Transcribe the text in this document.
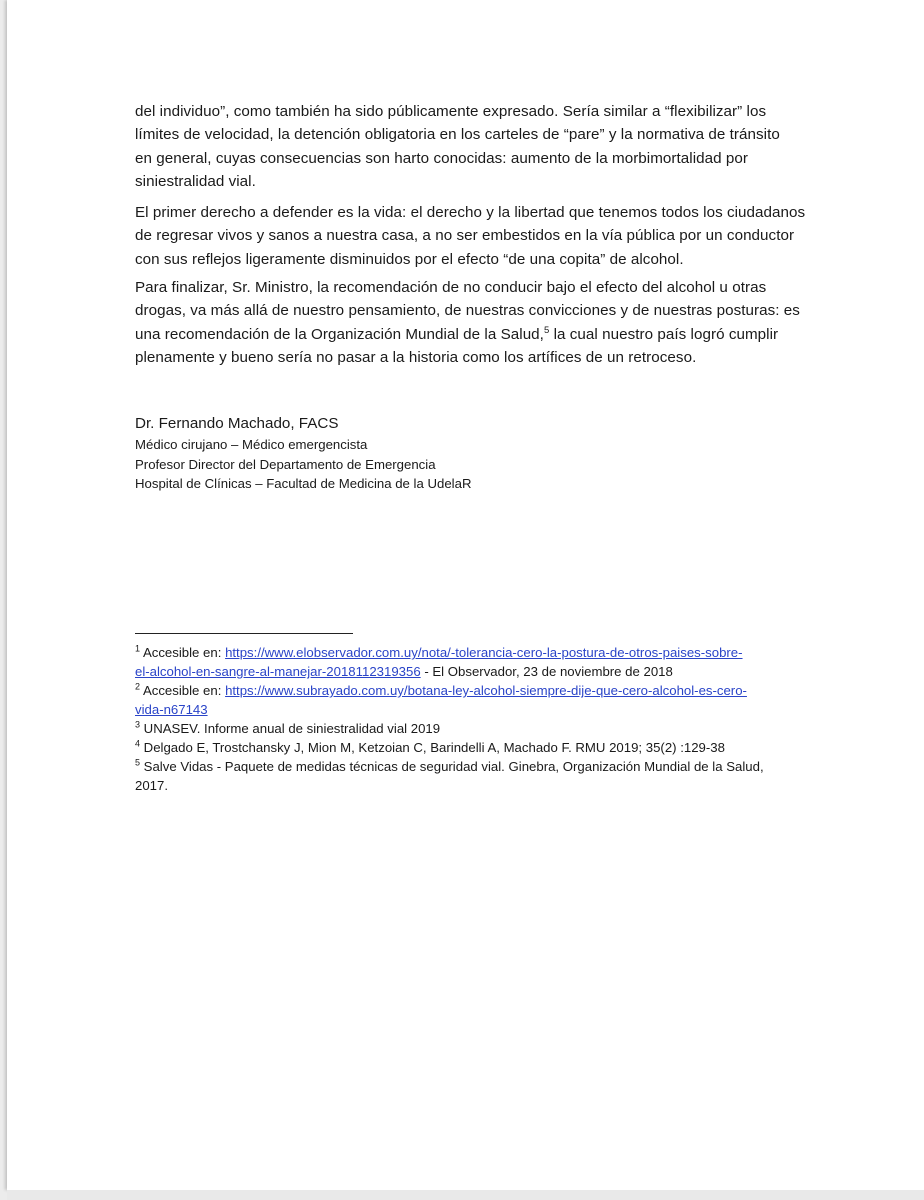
del individuo”, como también ha sido públicamente expresado. Sería similar a “flexibilizar” los
límites de velocidad, la detención obligatoria en los carteles de “pare” y la normativa de tránsito
en general, cuyas consecuencias son harto conocidas: aumento de la morbimortalidad por
siniestralidad vial.
El primer derecho a defender es la vida: el derecho y la libertad que tenemos todos los ciudadanos
de regresar vivos y sanos a nuestra casa, a no ser embestidos en la vía pública por un conductor
con sus reflejos ligeramente disminuidos por el efecto “de una copita” de alcohol.
Para finalizar, Sr. Ministro, la recomendación de no conducir bajo el efecto del alcohol u otras
drogas, va más allá de nuestro pensamiento, de nuestras convicciones y de nuestras posturas: es
una recomendación de la Organización Mundial de la Salud,$^5$ la cual nuestro país logró cumplir
plenamente y bueno sería no pasar a la historia como los artífices de un retroceso.
Dr. Fernando Machado, FACS
Médico cirujano – Médico emergencista
Profesor Director del Departamento de Emergencia
Hospital de Clínicas – Facultad de Medicina de la UdelaR
$^1$ Accesible en: https://www.elobservador.com.uy/nota/-tolerancia-cero-la-postura-de-otros-paises-sobre-
el-alcohol-en-sangre-al-manejar-2018112319356 - El Observador, 23 de noviembre de 2018
$^2$ Accesible en: https://www.subrayado.com.uy/botana-ley-alcohol-siempre-dije-que-cero-alcohol-es-cero-
vida-n67143
$^3$ UNASEV. Informe anual de siniestralidad vial 2019
$^4$ Delgado E, Trostchansky J, Mion M, Ketzoian C, Barindelli A, Machado F. RMU 2019; 35(2) :129-38
$^5$ Salve Vidas - Paquete de medidas técnicas de seguridad vial. Ginebra, Organización Mundial de la Salud,
2017.
